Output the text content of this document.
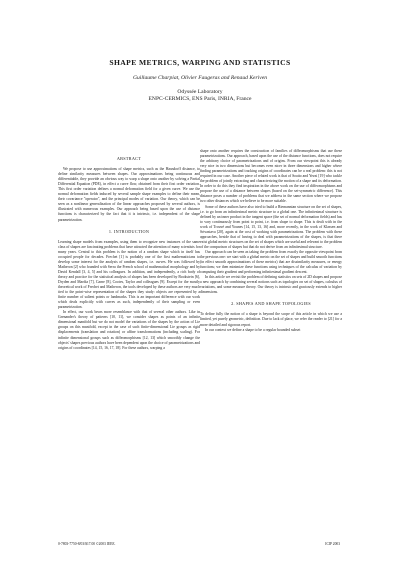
SHAPE METRICS, WARPING AND STATISTICS
Guillaume Charpiat, Olivier Faugeras and Renaud Keriven
Odyssée Laboratory
ENPC-CERMICS, ENS Paris, INRIA, France
ABSTRACT

We propose to use approximations of shape metrics, such as the Hausdorff distance, to define similarity measures between shapes. Our approximations being continuous and differentiable, they provide an obvious way to warp a shape onto another by solving a Partial Differential Equation (PDE), in effect a curve flow, obtained from their first order variation. This first order variation defines a normal deformation field for a given curve. We use the normal deformation fields induced by several sample shape examples to define their mean, their covariance "operator", and the principal modes of variation. Our theory, which can be seen as a nonlinear generalization of the linear approaches proposed by several authors, is illustrated with numerous examples. Our approach being based upon the use of distance functions is characterized by the fact that it is intrinsic, i.e. independent of the shape parametrization.

1. INTRODUCTION

Learning shape models from examples, using them to recognize new instances of the same class of shapes are fascinating problems that have attracted the attention of many scientists for many years. Central to this problem is the notion of a random shape which in itself has occupied people for decades. Frechet [1] is probably one of the first mathematicians to develop some interest for the analysis of random shapes, i.e. curves. He was followed by Matheron [2] who founded with Serra the French school of mathematical morphology and by David Kendall [3, 4, 5] and his colleagues. In addition, and independently, a rich body of theory and practice for the statistical analysis of shapes has been developed by Bookstein [6], Dryden and Mardia [7], Carne [8], Cootes, Taylor and colleagues [9]. Except for the mostly theoretical work of Frechet and Matheron, the tools developed by these authors are very much tied to the point-wise representation of the shapes they study: objects are represented by a finite number of salient points or landmarks. This is an important difference with our work which deals explicitly with curves as such, independently of their sampling or even parametrization.

In effect, our work bears more resemblance with that of several other authors. Like in Grenander's theory of patterns [10, 11], we consider shapes as points of an infinite dimensional manifold but we do not model the variations of the shapes by the action of Lie groups on this manifold, except in the case of such finite-dimensional Lie groups as rigid displacements (translation and rotation) or affine transformations (including scaling). For infinite dimensional groups such as diffeomorphisms [12, 13] which smoothly change the objects' shapes previous authors have been dependent upon the choice of parametrizations and origins of coordinates [14, 15, 16, 17, 18]. For these authors, warping a

shape onto another requires the construction of families of diffeomorphisms that use these parametrizations. Our approach, based upon the use of the distance functions, does not require the arbitrary choice of parametrizations and of origins. From our viewpoint this is already very nice in two dimensions but becomes even nicer in three dimensions and higher where finding parametrizations and tracking origins of coordinates can be a real problem: this is not required in our case. Another piece of related work is that of Soatto and Yezzi [19] who tackle the problem of jointly extracting and characterizing the motion of a shape and its deformation. In order to do this they find inspiration in the above work on the use of diffeomorphisms and propose the use of a distance between shapes (based on the set-symmetric difference). This distance poses a number of problems that we address in the same section where we propose two other distances which we believe to be more suitable.

Some of these authors have also tried to build a Riemannian structure on the set of shapes, i.e. to go from an infinitesimal metric structure to a global one. The infinitesimal structure is defined by an inner product in the tangent space (the set of normal deformation fields) and has to vary continuously from point to point, i.e. from shape to shape. This is dealt with in the work of Trouvé and Younes [14, 15, 13, 16] and, more recently, in the work of Klassen and Srivastava [20], again at the cost of working with parametrizations. The problem with these approaches, beside that of having to deal with parametrizations of the shapes, is that there exist global metric structures on the set of shapes which are useful and relevant to the problem of the comparison of shapes but that do not derive from an infinitesimal structure.

Our approach can be seen as taking the problem from exactly the opposite viewpoint from the previous one: we start with a global metric on the set of shapes and build smooth functions (in effect smooth approximations of these metrics) that are dissimilarity measures, or energy functions; we then minimize these functions using techniques of the calculus of variation by computing their gradient and performing infinitesimal gradient descent.

In this article we revisit the problem of defining statistics on sets of 2D shapes and propose a new approach by combining several notions such as topologies on set of shapes, calculus of variations, and some measure theory. Our theory is intrinsic and graciously extends to higher dimensions.

2. SHAPES AND SHAPE TOPOLOGIES

To define fully the notion of a shape is beyond the scope of this article in which we use a limited, yet purely geometric, definition. Due to lack of place, we refer the reader to [21] for a more detailed and rigorous report.

In our context we define a shape to be a regular bounded subset

0-7803-7750-8/03/$17.00 ©2003 IEEE.	ICIP 2003
